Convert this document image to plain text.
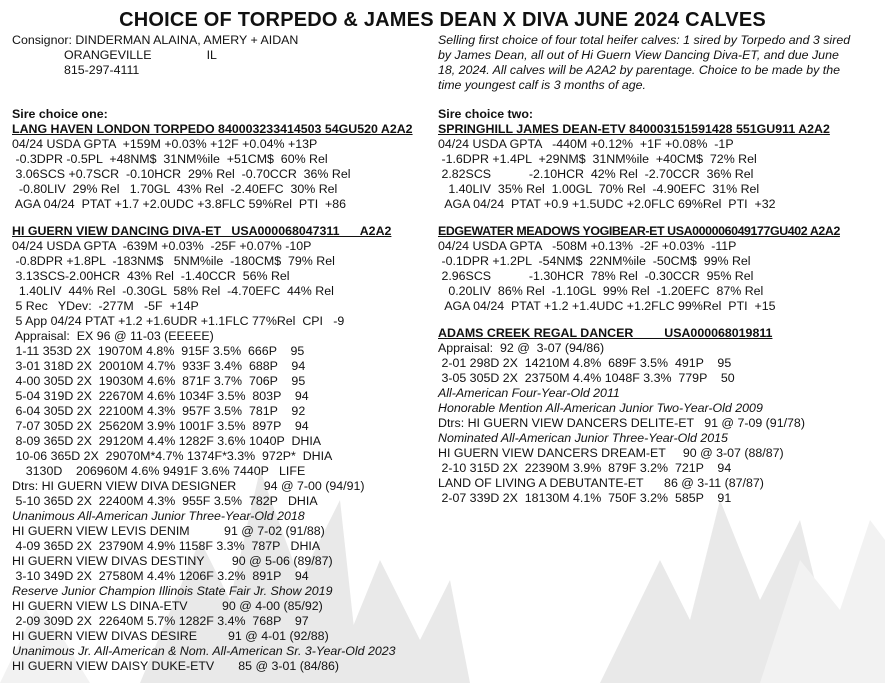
CHOICE OF TORPEDO & JAMES DEAN X DIVA JUNE 2024 CALVES
Consignor: DINDERMAN ALAINA, AMERY + AIDAN
ORANGEVILLE	IL
815-297-4111
Selling first choice of four total heifer calves: 1 sired by Torpedo and 3 sired by James Dean, all out of Hi Guern View Dancing Diva-ET, and due June 18, 2024. All calves will be A2A2 by parentage. Choice to be made by the time youngest calf is 3 months of age.
Sire choice one:
LANG HAVEN LONDON TORPEDO 840003233414503 54GU520 A2A2
04/24 USDA GPTA  +159M +0.03% +12F +0.04% +13P
-0.3DPR -0.5PL  +48NM$  31NM%ile  +51CM$  60% Rel
3.06SCS +0.7SCR  -0.10HCR  29% Rel  -0.70CCR  36% Rel
-0.80LIV  29% Rel   1.70GL  43% Rel  -2.40EFC  30% Rel
AGA 04/24  PTAT +1.7 +2.0UDC +3.8FLC 59%Rel  PTI  +86
HI GUERN VIEW DANCING DIVA-ET   USA000068047311      A2A2
04/24 USDA GPTA  -639M +0.03%  -25F +0.07% -10P
-0.8DPR +1.8PL  -183NM$   5NM%ile  -180CM$  79% Rel
3.13SCS-2.00HCR  43% Rel  -1.40CCR  56% Rel
1.40LIV  44% Rel  -0.30GL  58% Rel  -4.70EFC  44% Rel
5 Rec   YDev:  -277M   -5F  +14P
5 App 04/24 PTAT +1.2 +1.6UDR +1.1FLC 77%Rel  CPI   -9
Appraisal:  EX 96 @ 11-03 (EEEEE)
1-11 353D 2X  19070M 4.8%  915F 3.5%  666P    95
3-01 318D 2X  20010M 4.7%  933F 3.4%  688P    94
4-00 305D 2X  19030M 4.6%  871F 3.7%  706P    95
5-04 319D 2X  22670M 4.6% 1034F 3.5%  803P    94
6-04 305D 2X  22100M 4.3%  957F 3.5%  781P    92
7-07 305D 2X  25620M 3.9% 1001F 3.5%  897P    94
8-09 365D 2X  29120M 4.4% 1282F 3.6% 1040P  DHIA
10-06 365D 2X  29070M*4.7% 1374F*3.3%  972P*  DHIA
3130D    206960M 4.6% 9491F 3.6% 7440P   LIFE
Dtrs: HI GUERN VIEW DIVA DESIGNER        94 @ 7-00 (94/91)
5-10 365D 2X  22400M 4.3%  955F 3.5%  782P   DHIA
Unanimous All-American Junior Three-Year-Old 2018
HI GUERN VIEW LEVIS DENIM          91 @ 7-02 (91/88)
4-09 365D 2X  23790M 4.9% 1158F 3.3%  787P   DHIA
HI GUERN VIEW DIVAS DESTINY        90 @ 5-06 (89/87)
3-10 349D 2X  27580M 4.4% 1206F 3.2%  891P    94
Reserve Junior Champion Illinois State Fair Jr. Show 2019
HI GUERN VIEW LS DINA-ETV          90 @ 4-00 (85/92)
2-09 309D 2X  22640M 5.7% 1282F 3.4%  768P    97
HI GUERN VIEW DIVAS DESIRE         91 @ 4-01 (92/88)
Unanimous Jr. All-American & Nom. All-American Sr. 3-Year-Old 2023
HI GUERN VIEW DAISY DUKE-ETV       85 @ 3-01 (84/86)
Sire choice two:
SPRINGHILL JAMES DEAN-ETV 840003151591428 551GU911 A2A2
04/24 USDA GPTA   -440M +0.12%  +1F +0.08%  -1P
-1.6DPR +1.4PL  +29NM$  31NM%ile  +40CM$  72% Rel
2.82SCS           -2.10HCR  42% Rel  -2.70CCR  36% Rel
1.40LIV  35% Rel  1.00GL  70% Rel  -4.90EFC  31% Rel
AGA 04/24  PTAT +0.9 +1.5UDC +2.0FLC 69%Rel  PTI  +32
EDGEWATER MEADOWS YOGIBEAR-ET USA000006049177GU402 A2A2
04/24 USDA GPTA   -508M +0.13%  -2F +0.03%  -11P
-0.1DPR +1.2PL  -54NM$  22NM%ile  -50CM$  99% Rel
2.96SCS           -1.30HCR  78% Rel  -0.30CCR  95% Rel
0.20LIV  86% Rel  -1.10GL  99% Rel  -1.20EFC  87% Rel
AGA 04/24  PTAT +1.2 +1.4UDC +1.2FLC 99%Rel  PTI  +15
ADAMS CREEK REGAL DANCER         USA000068019811
Appraisal:  92 @  3-07 (94/86)
2-01 298D 2X  14210M 4.8%  689F 3.5%  491P    95
3-05 305D 2X  23750M 4.4% 1048F 3.3%  779P    50
All-American Four-Year-Old 2011
Honorable Mention All-American Junior Two-Year-Old 2009
Dtrs: HI GUERN VIEW DANCERS DELITE-ET   91 @ 7-09 (91/78)
Nominated All-American Junior Three-Year-Old 2015
HI GUERN VIEW DANCERS DREAM-ET     90 @ 3-07 (88/87)
2-10 315D 2X  22390M 3.9%  879F 3.2%  721P    94
LAND OF LIVING A DEBUTANTE-ET      86 @ 3-11 (87/87)
2-07 339D 2X  18130M 4.1%  750F 3.2%  585P    91
